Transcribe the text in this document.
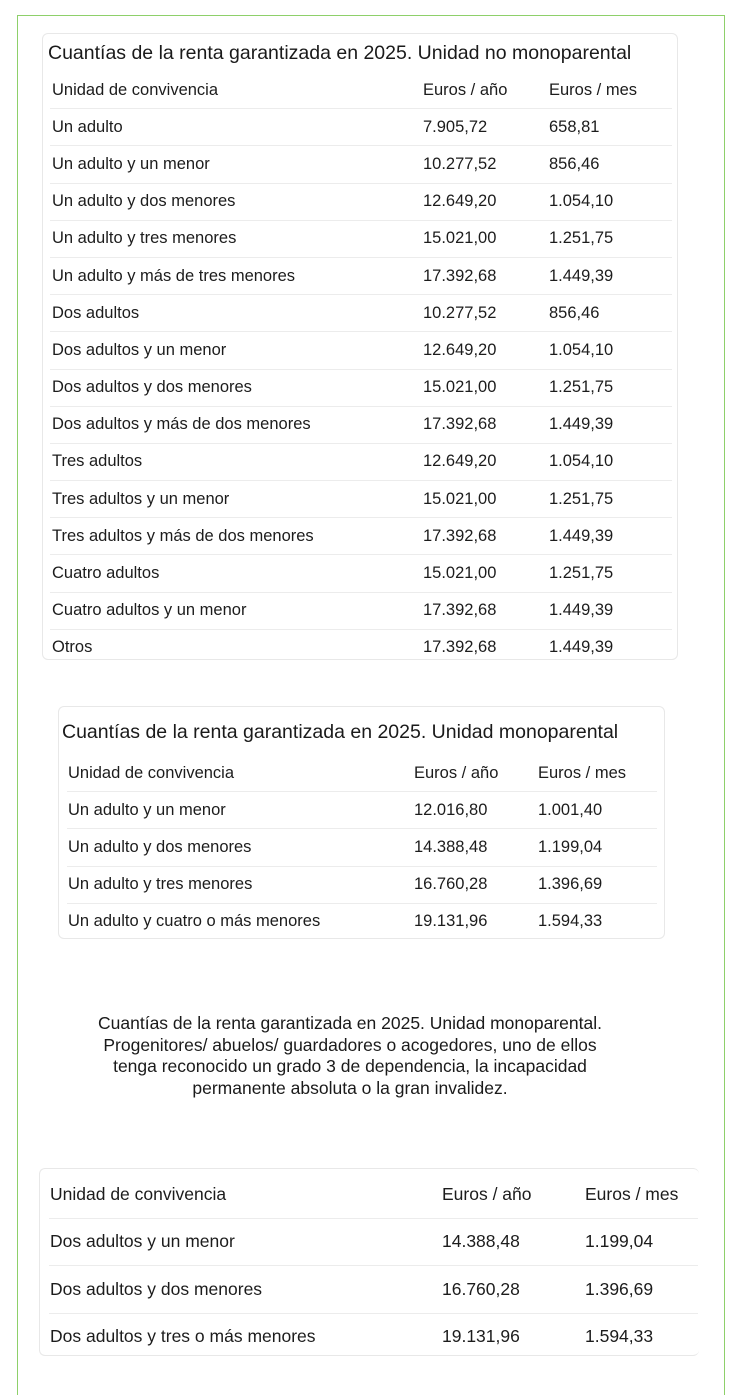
Cuantías de la renta garantizada en 2025. Unidad no monoparental
Unidad de convivencia	Euros / año	Euros / mes
Un adulto	7.905,72	658,81
Un adulto y un menor	10.277,52	856,46
Un adulto y dos menores	12.649,20	1.054,10
Un adulto y tres menores	15.021,00	1.251,75
Un adulto y más de tres menores	17.392,68	1.449,39
Dos adultos	10.277,52	856,46
Dos adultos y un menor	12.649,20	1.054,10
Dos adultos y dos menores	15.021,00	1.251,75
Dos adultos y más de dos menores	17.392,68	1.449,39
Tres adultos	12.649,20	1.054,10
Tres adultos y un menor	15.021,00	1.251,75
Tres adultos y más de dos menores	17.392,68	1.449,39
Cuatro adultos	15.021,00	1.251,75
Cuatro adultos y un menor	17.392,68	1.449,39
Otros	17.392,68	1.449,39
Cuantías de la renta garantizada en 2025. Unidad monoparental
Unidad de convivencia	Euros / año	Euros / mes
Un adulto y un menor	12.016,80	1.001,40
Un adulto y dos menores	14.388,48	1.199,04
Un adulto y tres menores	16.760,28	1.396,69
Un adulto y cuatro o más menores	19.131,96	1.594,33
Cuantías de la renta garantizada en 2025. Unidad monoparental. Progenitores/ abuelos/ guardadores o acogedores, uno de ellos tenga reconocido un grado 3 de dependencia, la incapacidad permanente absoluta o la gran invalidez.
Unidad de convivencia	Euros / año	Euros / mes
Dos adultos y un menor	14.388,48	1.199,04
Dos adultos y dos menores	16.760,28	1.396,69
Dos adultos y tres o más menores	19.131,96	1.594,33
